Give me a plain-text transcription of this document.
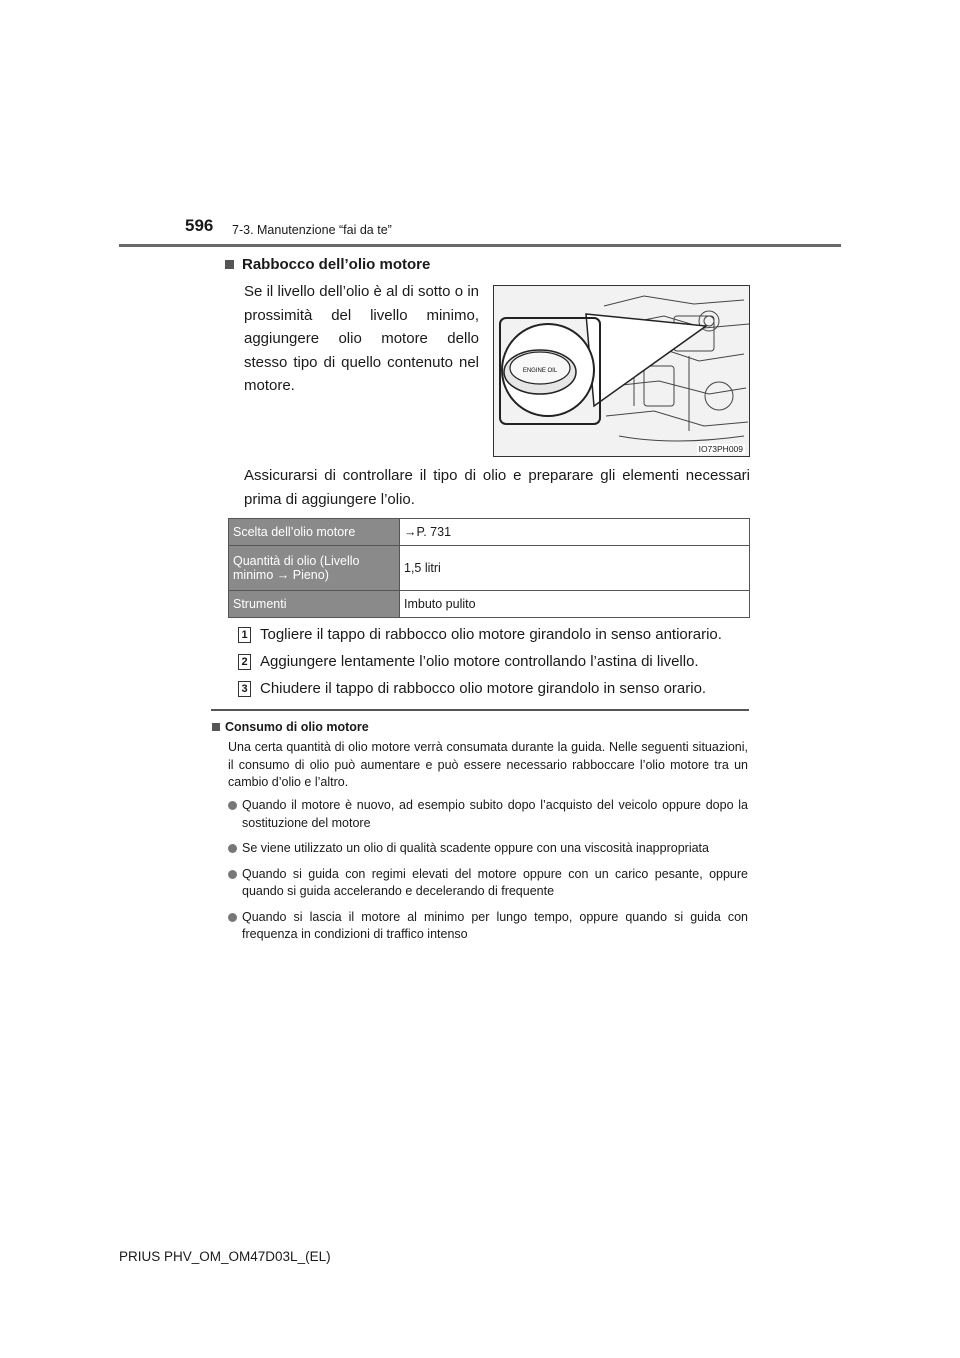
596 7-3. Manutenzione “fai da te”
Rabbocco dell’olio motore
Se il livello dell’olio è al di sotto o in prossimità del livello minimo, aggiungere olio motore dello stesso tipo di quello contenuto nel motore.
ENGINE OIL
IO73PH009
Assicurarsi di controllare il tipo di olio e preparare gli elementi necessari prima di aggiungere l’olio.
Scelta dell’olio motore	→P. 731
Quantità di olio (Livello minimo → Pieno)	1,5 litri
Strumenti	Imbuto pulito
1 Togliere il tappo di rabbocco olio motore girandolo in senso antiorario.
2 Aggiungere lentamente l’olio motore controllando l’astina di livello.
3 Chiudere il tappo di rabbocco olio motore girandolo in senso orario.
Consumo di olio motore
Una certa quantità di olio motore verrà consumata durante la guida. Nelle seguenti situazioni, il consumo di olio può aumentare e può essere necessario rabboccare l’olio motore tra un cambio d’olio e l’altro.
Quando il motore è nuovo, ad esempio subito dopo l’acquisto del veicolo oppure dopo la sostituzione del motore
Se viene utilizzato un olio di qualità scadente oppure con una viscosità inappropriata
Quando si guida con regimi elevati del motore oppure con un carico pesante, oppure quando si guida accelerando e decelerando di frequente
Quando si lascia il motore al minimo per lungo tempo, oppure quando si guida con frequenza in condizioni di traffico intenso
PRIUS PHV_OM_OM47D03L_(EL)
